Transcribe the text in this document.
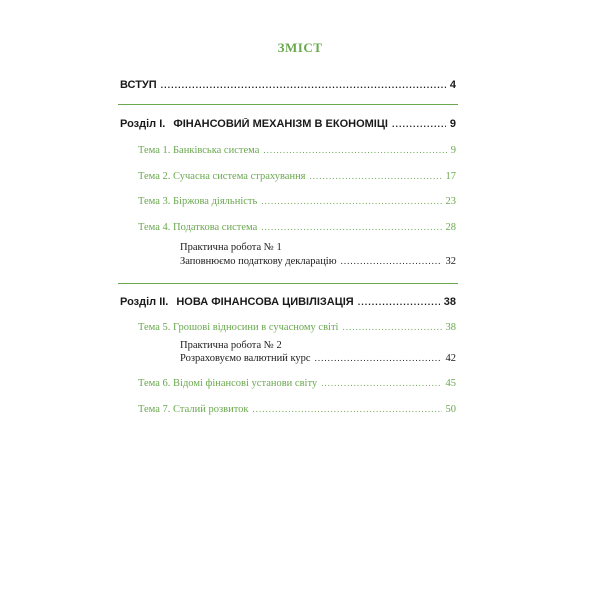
ЗМІСТ
ВСТУП .....	4
Розділ I. ФІНАНСОВИЙ МЕХАНІЗМ В ЕКОНОМІЦІ .....	9
Тема 1. Банківська система .....	9
Тема 2. Сучасна система страхування .....	17
Тема 3. Біржова діяльність .....	23
Тема 4. Податкова система .....	28
Практична робота № 1
Заповнюємо податкову декларацію .....	32
Розділ II. НОВА ФІНАНСОВА ЦИВІЛІЗАЦІЯ .....	38
Тема 5. Грошові відносини в сучасному світі .....	38
Практична робота № 2
Розраховуємо валютний курс .....	42
Тема 6. Відомі фінансові установи світу .....	45
Тема 7. Сталий розвиток .....	50
